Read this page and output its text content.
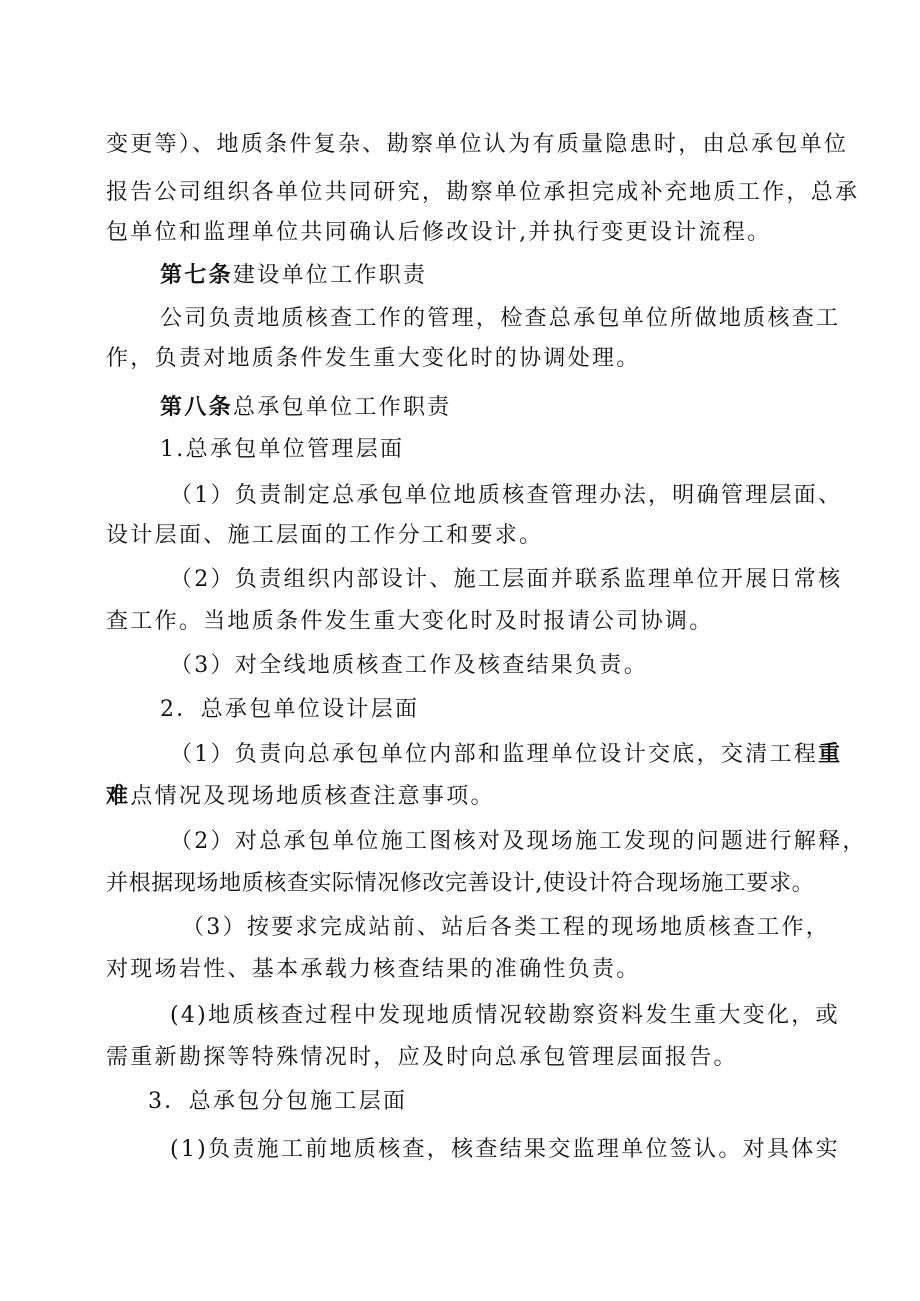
变更等）、地质条件复杂、勘察单位认为有质量隐患时，由总承包单位
报告公司组织各单位共同研究，勘察单位承担完成补充地质工作，总承
包单位和监理单位共同确认后修改设计,并执行变更设计流程。
第七条建设单位工作职责
公司负责地质核查工作的管理，检查总承包单位所做地质核查工
作，负责对地质条件发生重大变化时的协调处理。
第八条总承包单位工作职责
1.总承包单位管理层面
（1）负责制定总承包单位地质核查管理办法，明确管理层面、
设计层面、施工层面的工作分工和要求。
（2）负责组织内部设计、施工层面并联系监理单位开展日常核
查工作。当地质条件发生重大变化时及时报请公司协调。
（3）对全线地质核查工作及核查结果负责。
2．总承包单位设计层面
（1）负责向总承包单位内部和监理单位设计交底，交清工程重
难点情况及现场地质核查注意事项。
（2）对总承包单位施工图核对及现场施工发现的问题进行解释，
并根据现场地质核查实际情况修改完善设计,使设计符合现场施工要求。
（3）按要求完成站前、站后各类工程的现场地质核查工作，
对现场岩性、基本承载力核查结果的准确性负责。
(4)地质核查过程中发现地质情况较勘察资料发生重大变化，或
需重新勘探等特殊情况时，应及时向总承包管理层面报告。
3．总承包分包施工层面
(1)负责施工前地质核查，核查结果交监理单位签认。对具体实
